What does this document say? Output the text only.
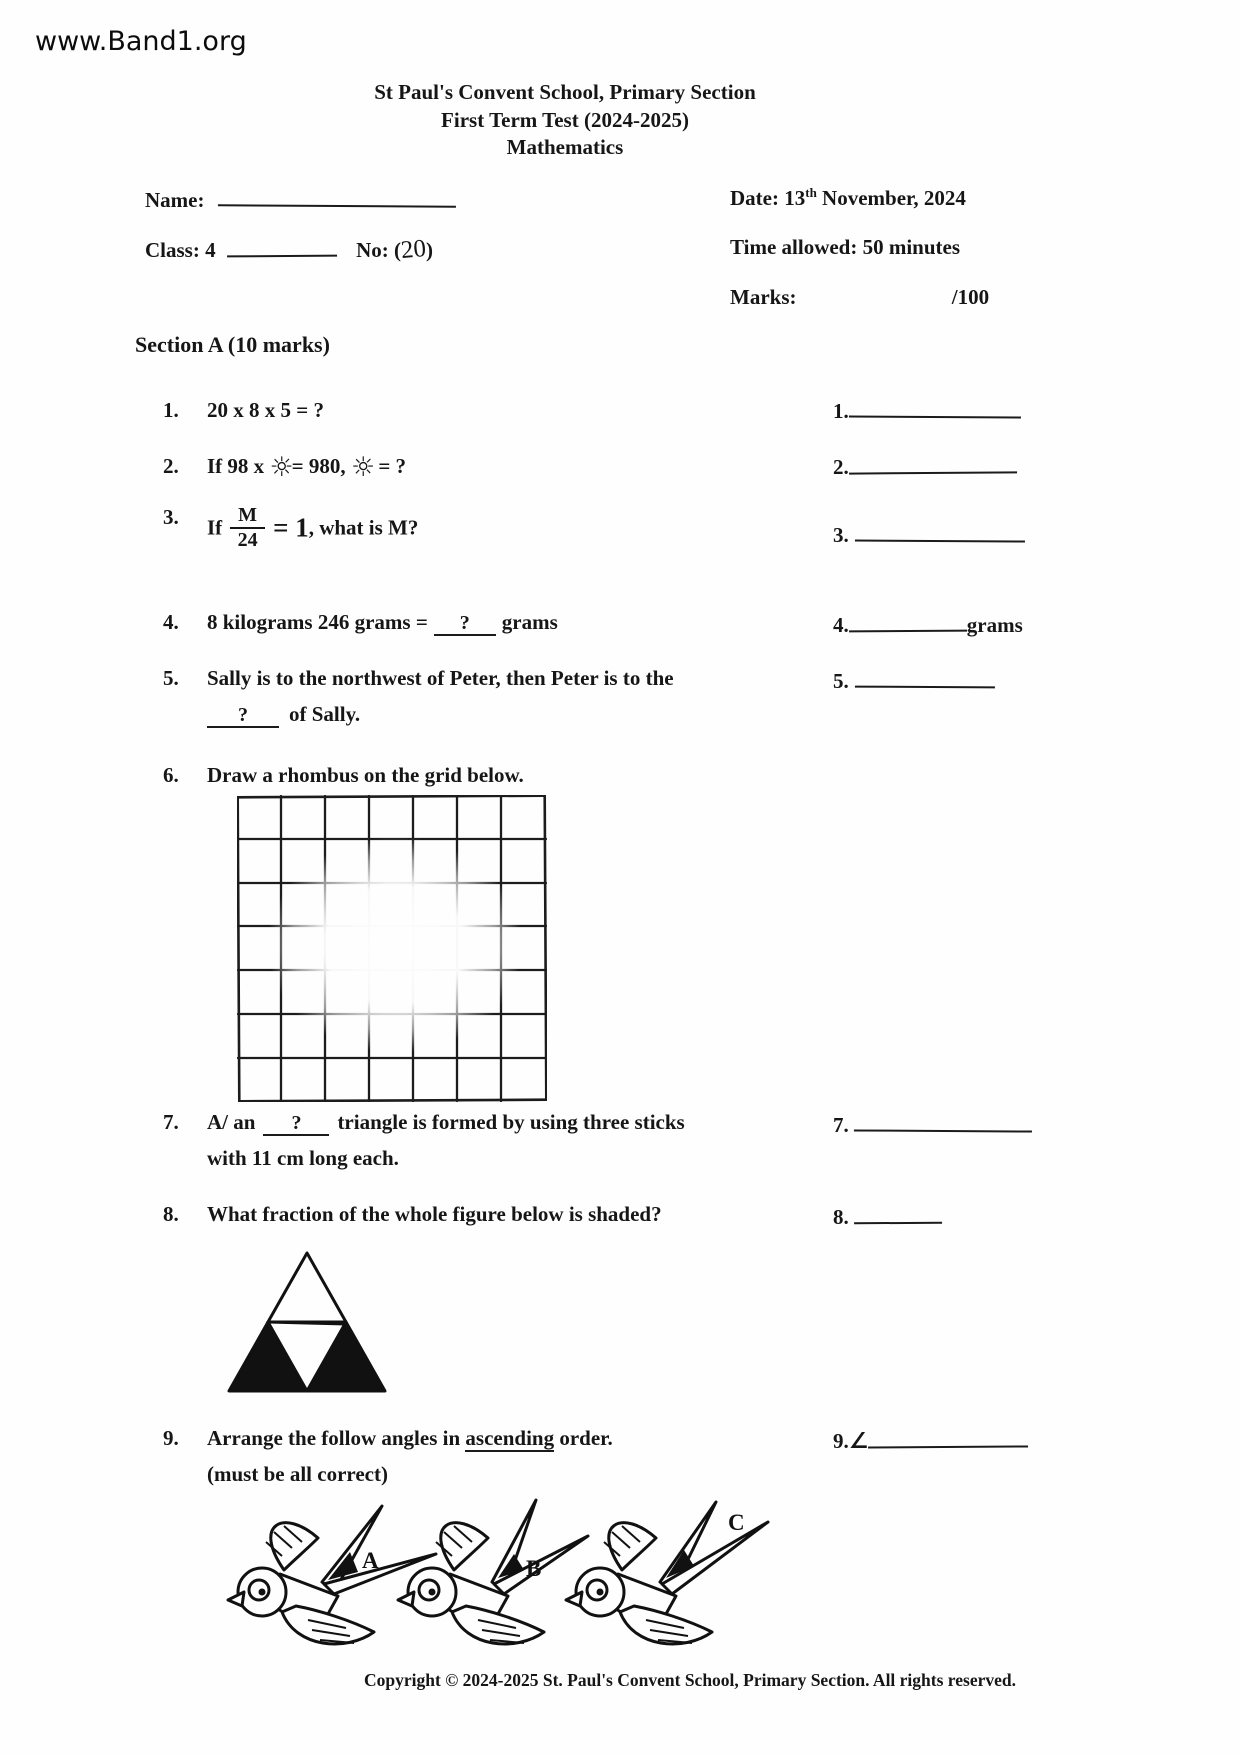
www.Band1.org
St Paul's Convent School, Primary Section
First Term Test (2024-2025)
Mathematics
Name:	Date: 13th November, 2024
Class: 4	No: (20)	Time allowed: 50 minutes
Marks:	/100
Section A (10 marks)
1. 20 x 8 x 5 = ?	1.
2. If 98 x ☼= 980, ☼ = ?	2.
3. If $\frac{M}{24} = 1$, what is M?	3.
4. 8 kilograms 246 grams = ? grams	4.	grams
5. Sally is to the northwest of Peter, then Peter is to the
? of Sally.
5.
6. Draw a rhombus on the grid below.
7. A/ an ? triangle is formed by using three sticks
with 11 cm long each.
7.
8. What fraction of the whole figure below is shaded?	8.
9. Arrange the follow angles in ascending order.
(must be all correct)
9.∠
A	B
C
Copyright © 2024-2025 St. Paul's Convent School, Primary Section. All rights reserved.
